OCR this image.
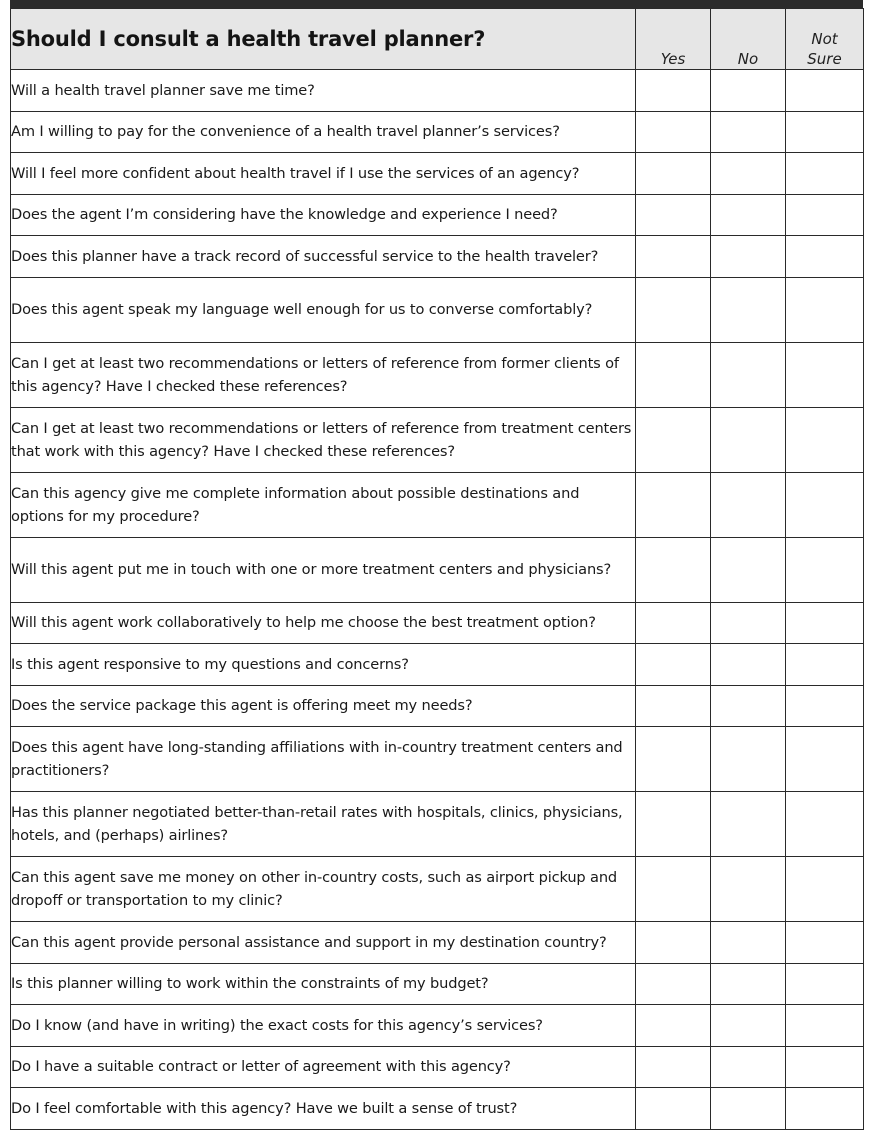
Should I consult a health travel planner?	Yes	No	Not
Sure

Will a health travel planner save me time?			
Am I willing to pay for the convenience of a health travel planner’s services?			
Will I feel more confident about health travel if I use the services of an agency?			
Does the agent I’m considering have the knowledge and experience I need?			
Does this planner have a track record of successful service to the health traveler?			
Does this agent speak my language well enough for us to converse comfortably?			
Can I get at least two recommendations or letters of reference from former clients of this agency? Have I checked these references?			
Can I get at least two recommendations or letters of reference from treatment centers that work with this agency? Have I checked these references?			
Can this agency give me complete information about possible destinations and options for my procedure?			
Will this agent put me in touch with one or more treatment centers and physicians?			
Will this agent work collaboratively to help me choose the best treatment option?			
Is this agent responsive to my questions and concerns?			
Does the service package this agent is offering meet my needs?			
Does this agent have long-standing affiliations with in-country treatment centers and practitioners?			
Has this planner negotiated better-than-retail rates with hospitals, clinics, physicians, hotels, and (perhaps) airlines?			
Can this agent save me money on other in-country costs, such as airport pickup and dropoff or transportation to my clinic?			
Can this agent provide personal assistance and support in my destination country?			
Is this planner willing to work within the constraints of my budget?			
Do I know (and have in writing) the exact costs for this agency’s services?			
Do I have a suitable contract or letter of agreement with this agency?			
Do I feel comfortable with this agency? Have we built a sense of trust?			
